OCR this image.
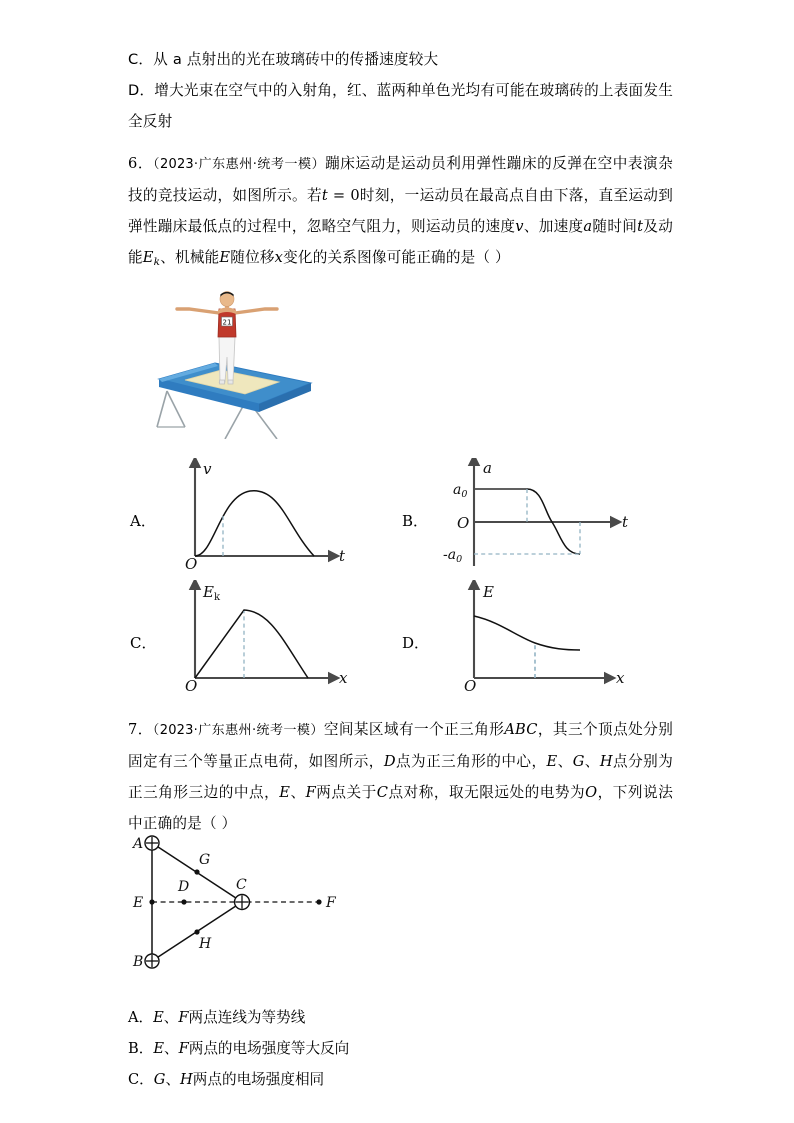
C．从 a 点射出的光在玻璃砖中的传播速度较大
D．增大光束在空气中的入射角，红、蓝两种单色光均有可能在玻璃砖的上表面发生全反射
6．（2023·广东惠州·统考一模）蹦床运动是运动员利用弹性蹦床的反弹在空中表演杂技的竞技运动，如图所示。若t = 0时刻，一运动员在最高点自由下落，直至运动到弹性蹦床最低点的过程中，忽略空气阻力，则运动员的速度v、加速度a随时间t及动能$E_k$、机械能E随位移x变化的关系图像可能正确的是（ ）
21
A．
O
v
t
B．
$a_0$
O
$-a_0$
a
t
C．
O
$E_k$
x
D．
O
E
x
7．（2023·广东惠州·统考一模）空间某区域有一个正三角形ABC，其三个顶点处分别固定有三个等量正点电荷，如图所示，D点为正三角形的中心，E、G、H点分别为正三角形三边的中点，E、F两点关于C点对称，取无限远处的电势为O，下列说法中正确的是（ ）
A
B
C
D
E	F
G
H
A．E、F两点连线为等势线
B．E、F两点的电场强度等大反向
C．G、H两点的电场强度相同
